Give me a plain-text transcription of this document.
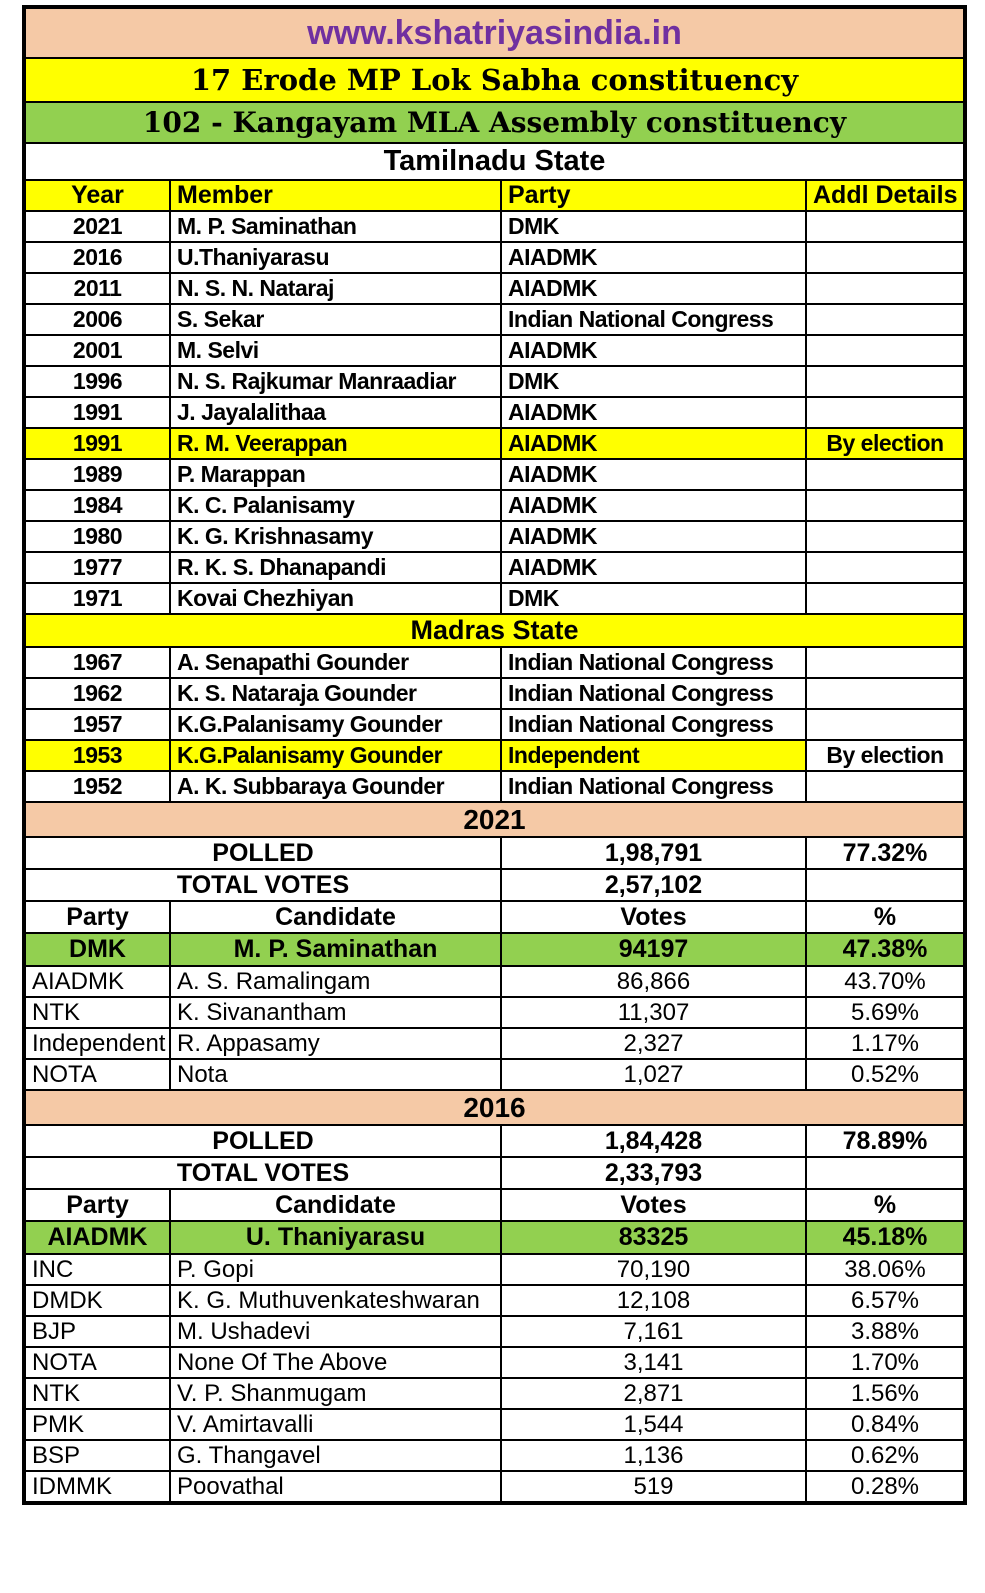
www.kshatriyasindia.in			
17 Erode MP Lok Sabha constituency			
102 - Kangayam MLA Assembly constituency			
Tamilnadu State			
Year	Member	Party	Addl Details
2021	M. P. Saminathan	DMK	
2016	U.Thaniyarasu	AIADMK	
2011	N. S. N. Nataraj	AIADMK	
2006	S. Sekar	Indian National Congress	
2001	M. Selvi	AIADMK	
1996	N. S. Rajkumar Manraadiar	DMK	
1991	J. Jayalalithaa	AIADMK	
1991	R. M. Veerappan	AIADMK	By election
1989	P. Marappan	AIADMK	
1984	K. C. Palanisamy	AIADMK	
1980	K. G. Krishnasamy	AIADMK	
1977	R. K. S. Dhanapandi	AIADMK	
1971	Kovai Chezhiyan	DMK	
Madras State			
1967	A. Senapathi Gounder	Indian National Congress	
1962	K. S. Nataraja Gounder	Indian National Congress	
1957	K.G.Palanisamy Gounder	Indian National Congress	
1953	K.G.Palanisamy Gounder	Independent	By election
1952	A. K. Subbaraya Gounder	Indian National Congress	
2021			
POLLED		1,98,791	77.32%
TOTAL VOTES		2,57,102	
Party	Candidate	Votes	%
DMK	M. P. Saminathan	94197	47.38%
AIADMK	A. S. Ramalingam	86,866	43.70%
NTK	K. Sivanantham	11,307	5.69%
Independent	R. Appasamy	2,327	1.17%
NOTA	Nota	1,027	0.52%
2016			
POLLED		1,84,428	78.89%
TOTAL VOTES		2,33,793	
Party	Candidate	Votes	%
AIADMK	U. Thaniyarasu	83325	45.18%
INC	P. Gopi	70,190	38.06%
DMDK	K. G. Muthuvenkateshwaran	12,108	6.57%
BJP	M. Ushadevi	7,161	3.88%
NOTA	None Of The Above	3,141	1.70%
NTK	V. P. Shanmugam	2,871	1.56%
PMK	V. Amirtavalli	1,544	0.84%
BSP	G. Thangavel	1,136	0.62%
IDMMK	Poovathal	519	0.28%
